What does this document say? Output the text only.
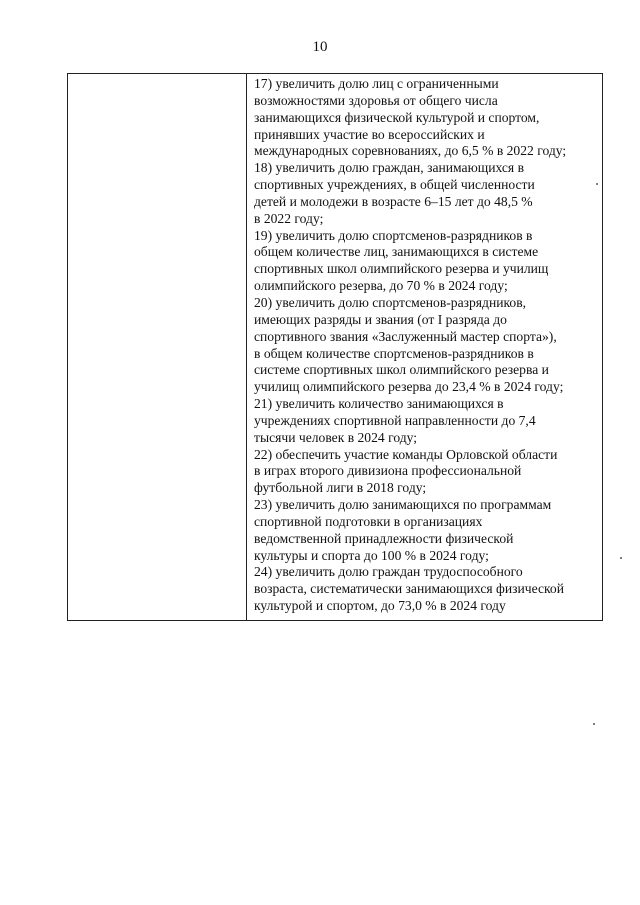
10
17) увеличить долю лиц с ограниченными
возможностями здоровья от общего числа
занимающихся физической культурой и спортом,
принявших участие во всероссийских и
международных соревнованиях, до 6,5 % в 2022 году;
18) увеличить долю граждан, занимающихся в
спортивных учреждениях, в общей численности
детей и молодежи в возрасте 6–15 лет до 48,5 %
в 2022 году;
19) увеличить долю спортсменов-разрядников в
общем количестве лиц, занимающихся в системе
спортивных школ олимпийского резерва и училищ
олимпийского резерва, до 70 % в 2024 году;
20) увеличить долю спортсменов-разрядников,
имеющих разряды и звания (от I разряда до
спортивного звания «Заслуженный мастер спорта»),
в общем количестве спортсменов-разрядников в
системе спортивных школ олимпийского резерва и
училищ олимпийского резерва до 23,4 % в 2024 году;
21) увеличить количество занимающихся в
учреждениях спортивной направленности до 7,4
тысячи человек в 2024 году;
22) обеспечить участие команды Орловской области
в играх второго дивизиона профессиональной
футбольной лиги в 2018 году;
23) увеличить долю занимающихся по программам
спортивной подготовки в организациях
ведомственной принадлежности физической
культуры и спорта до 100 % в 2024 году;
24) увеличить долю граждан трудоспособного
возраста, систематически занимающихся физической
культурой и спортом, до 73,0 % в 2024 году
